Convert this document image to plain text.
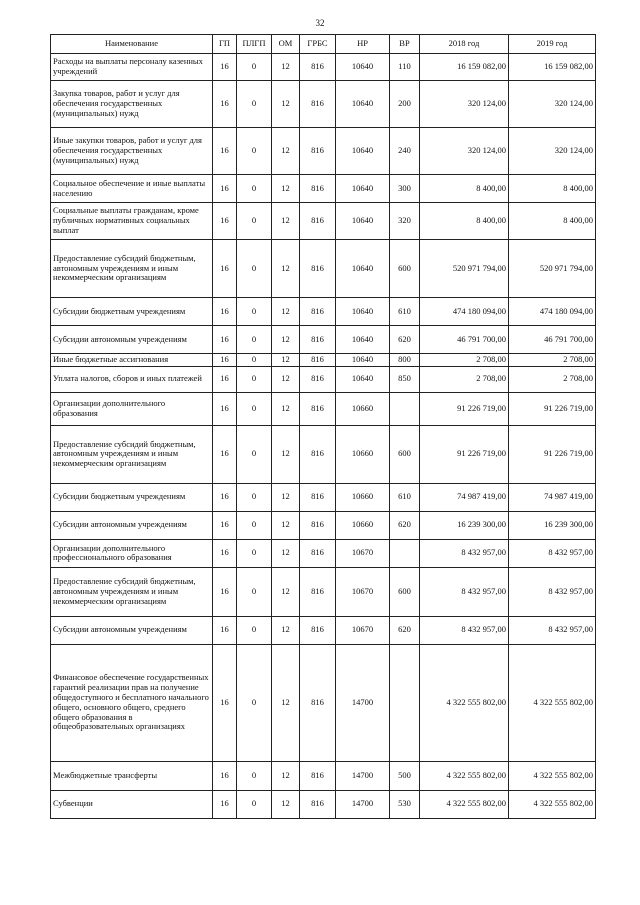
32
Наименование	ГП	ПЛГП	ОМ	ГРБС	НР	ВР	2018 год	2019 год
Расходы на выплаты персоналу казенных учреждений	16	0	12	816	10640	110	16 159 082,00	16 159 082,00
Закупка товаров, работ и услуг для обеспечения государственных (муниципальных) нужд	16	0	12	816	10640	200	320 124,00	320 124,00
Иные закупки товаров, работ и услуг для обеспечения государственных (муниципальных) нужд	16	0	12	816	10640	240	320 124,00	320 124,00
Социальное обеспечение и иные выплаты населению	16	0	12	816	10640	300	8 400,00	8 400,00
Социальные выплаты гражданам, кроме публичных нормативных социальных выплат	16	0	12	816	10640	320	8 400,00	8 400,00
Предоставление субсидий бюджетным, автономным учреждениям и иным некоммерческим организациям	16	0	12	816	10640	600	520 971 794,00	520 971 794,00
Субсидии бюджетным учреждениям	16	0	12	816	10640	610	474 180 094,00	474 180 094,00
Субсидии автономным учреждениям	16	0	12	816	10640	620	46 791 700,00	46 791 700,00
Иные бюджетные ассигнования	16	0	12	816	10640	800	2 708,00	2 708,00
Уплата налогов, сборов и иных платежей	16	0	12	816	10640	850	2 708,00	2 708,00
Организации дополнительного образования	16	0	12	816	10660		91 226 719,00	91 226 719,00
Предоставление субсидий бюджетным, автономным учреждениям и иным некоммерческим организациям	16	0	12	816	10660	600	91 226 719,00	91 226 719,00
Субсидии бюджетным учреждениям	16	0	12	816	10660	610	74 987 419,00	74 987 419,00
Субсидии автономным учреждениям	16	0	12	816	10660	620	16 239 300,00	16 239 300,00
Организации дополнительного профессионального образования	16	0	12	816	10670		8 432 957,00	8 432 957,00
Предоставление субсидий бюджетным, автономным учреждениям и иным некоммерческим организациям	16	0	12	816	10670	600	8 432 957,00	8 432 957,00
Субсидии автономным учреждениям	16	0	12	816	10670	620	8 432 957,00	8 432 957,00
Финансовое обеспечение государственных гарантий реализации прав на получение общедоступного и бесплатного начального общего, основного общего, среднего общего образования в общеобразовательных организациях	16	0	12	816	14700		4 322 555 802,00	4 322 555 802,00
Межбюджетные трансферты	16	0	12	816	14700	500	4 322 555 802,00	4 322 555 802,00
Субвенции	16	0	12	816	14700	530	4 322 555 802,00	4 322 555 802,00
